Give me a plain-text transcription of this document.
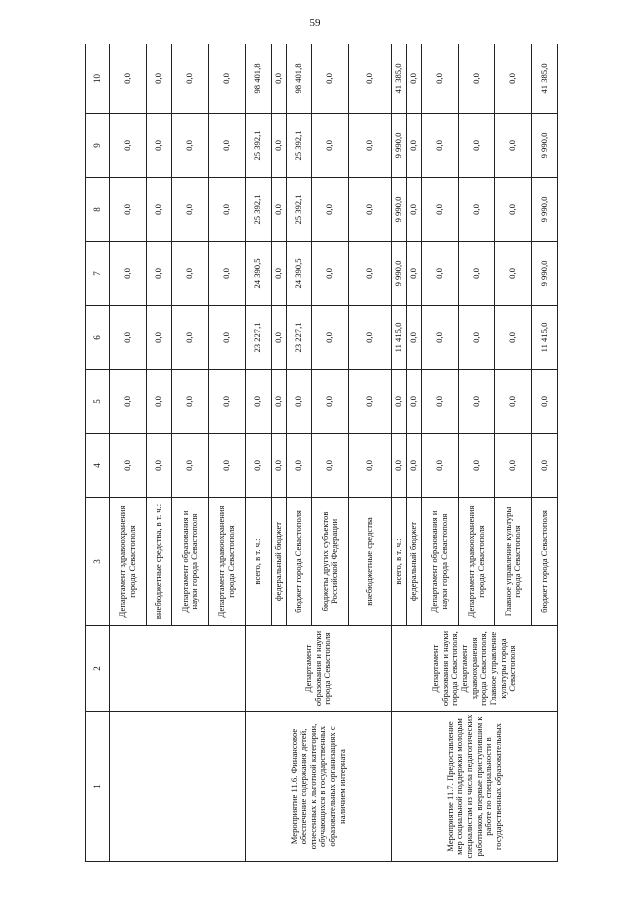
59
1	2	3	4	5	6	7	8	9	10
		Департамент здравоохранения города Севастополя	0,0	0,0	0,0	0,0	0,0	0,0	0,0
		внебюджетные средства, в т. ч.:	0,0	0,0	0,0	0,0	0,0	0,0	0,0
		Департамент образования и науки города Севастополя	0,0	0,0	0,0	0,0	0,0	0,0	0,0
		Департамент здравоохранения города Севастополя	0,0	0,0	0,0	0,0	0,0	0,0	0,0
Мероприятие 11.6. Финансовое обеспечение содержания детей, отнесенных к льготной категории, обучающихся в государственных образовательных организациях с наличием интерната	Департамент образования и науки города Севастополя	всего, в т. ч.:	0,0	0,0	23 227,1	24 390,5	25 392,1	25 392,1	98 401,8
		федеральный бюджет	0,0	0,0	0,0	0,0	0,0	0,0	0,0
		бюджет города Севастополя	0,0	0,0	23 227,1	24 390,5	25 392,1	25 392,1	98 401,8
		бюджеты других субъектов Российской Федерации	0,0	0,0	0,0	0,0	0,0	0,0	0,0
		внебюджетные средства	0,0	0,0	0,0	0,0	0,0	0,0	0,0
Мероприятие 11.7. Предоставление мер социальной поддержки молодым специалистам из числа педагогических работников, впервые приступившим к работе по специальности в государственных образовательных	Департамент образования и науки города Севастополя, Департамент здравоохранения города Севастополя, Главное управление культуры города Севастополя	всего, в т. ч.:	0,0	0,0	11 415,0	9 990,0	9 990,0	9 990,0	41 385,0
		федеральный бюджет	0,0	0,0	0,0	0,0	0,0	0,0	0,0
		Департамент образования и науки города Севастополя	0,0	0,0	0,0	0,0	0,0	0,0	0,0
		Департамент здравоохранения города Севастополя	0,0	0,0	0,0	0,0	0,0	0,0	0,0
		Главное управление культуры города Севастополя	0,0	0,0	0,0	0,0	0,0	0,0	0,0
		бюджет города Севастополя	0,0	0,0	11 415,0	9 990,0	9 990,0	9 990,0	41 385,0
